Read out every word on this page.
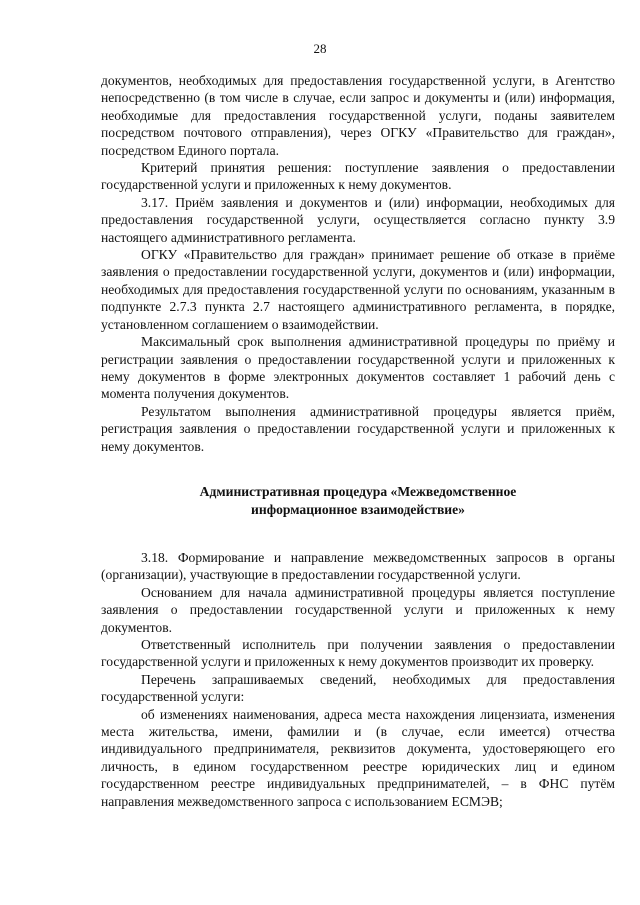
28

документов, необходимых для предоставления государственной услуги, в Агентство непосредственно (в том числе в случае, если запрос и документы и (или) информация, необходимые для предоставления государственной услуги, поданы заявителем посредством почтового отправления), через ОГКУ «Правительство для граждан», посредством Единого портала.

Критерий принятия решения: поступление заявления о предоставлении государственной услуги и приложенных к нему документов.

3.17. Приём заявления и документов и (или) информации, необходимых для предоставления государственной услуги, осуществляется согласно пункту 3.9 настоящего административного регламента.

ОГКУ «Правительство для граждан» принимает решение об отказе в приёме заявления о предоставлении государственной услуги, документов и (или) информации, необходимых для предоставления государственной услуги по основаниям, указанным в подпункте 2.7.3 пункта 2.7 настоящего административного регламента, в порядке, установленном соглашением о взаимодействии.

Максимальный срок выполнения административной процедуры по приёму и регистрации заявления о предоставлении государственной услуги и приложенных к нему документов в форме электронных документов составляет 1 рабочий день с момента получения документов.

Результатом выполнения административной процедуры является приём, регистрация заявления о предоставлении государственной услуги и приложенных к нему документов.

Административная процедура «Межведомственное
информационное взаимодействие»

3.18. Формирование и направление межведомственных запросов в органы (организации), участвующие в предоставлении государственной услуги.

Основанием для начала административной процедуры является поступление заявления о предоставлении государственной услуги и приложенных к нему документов.

Ответственный исполнитель при получении заявления о предоставлении государственной услуги и приложенных к нему документов производит их проверку.

Перечень запрашиваемых сведений, необходимых для предоставления государственной услуги:

об изменениях наименования, адреса места нахождения лицензиата, изменения места жительства, имени, фамилии и (в случае, если имеется) отчества индивидуального предпринимателя, реквизитов документа, удостоверяющего его личность, в едином государственном реестре юридических лиц и едином государственном реестре индивидуальных предпринимателей, – в ФНС путём направления межведомственного запроса с использованием ЕСМЭВ;
